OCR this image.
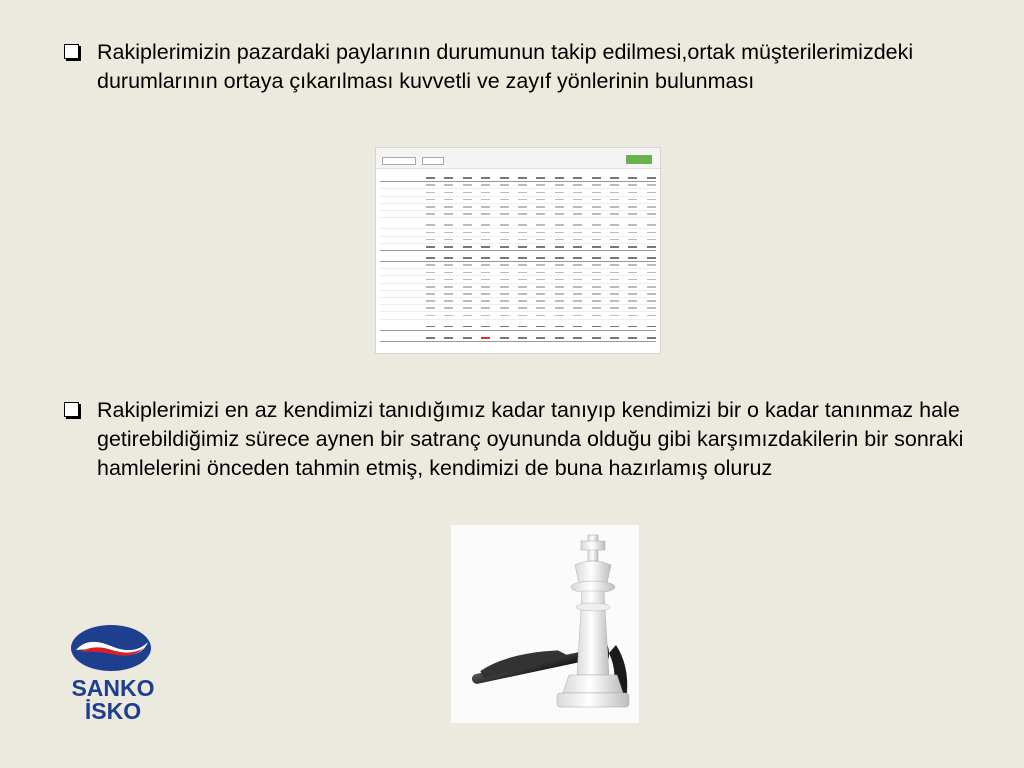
Rakiplerimizin pazardaki paylarının durumunun takip edilmesi,ortak müşterilerimizdeki durumlarının ortaya çıkarılması kuvvetli ve zayıf yönlerinin bulunması
Rakiplerimizi en az kendimizi tanıdığımız kadar tanıyıp kendimizi bir o kadar tanınmaz hale getirebildiğimiz sürece aynen bir satranç oyununda olduğu gibi karşımızdakilerin bir sonraki hamlelerini önceden tahmin etmiş, kendimizi de buna hazırlamış oluruz
SANKO
İSKO
